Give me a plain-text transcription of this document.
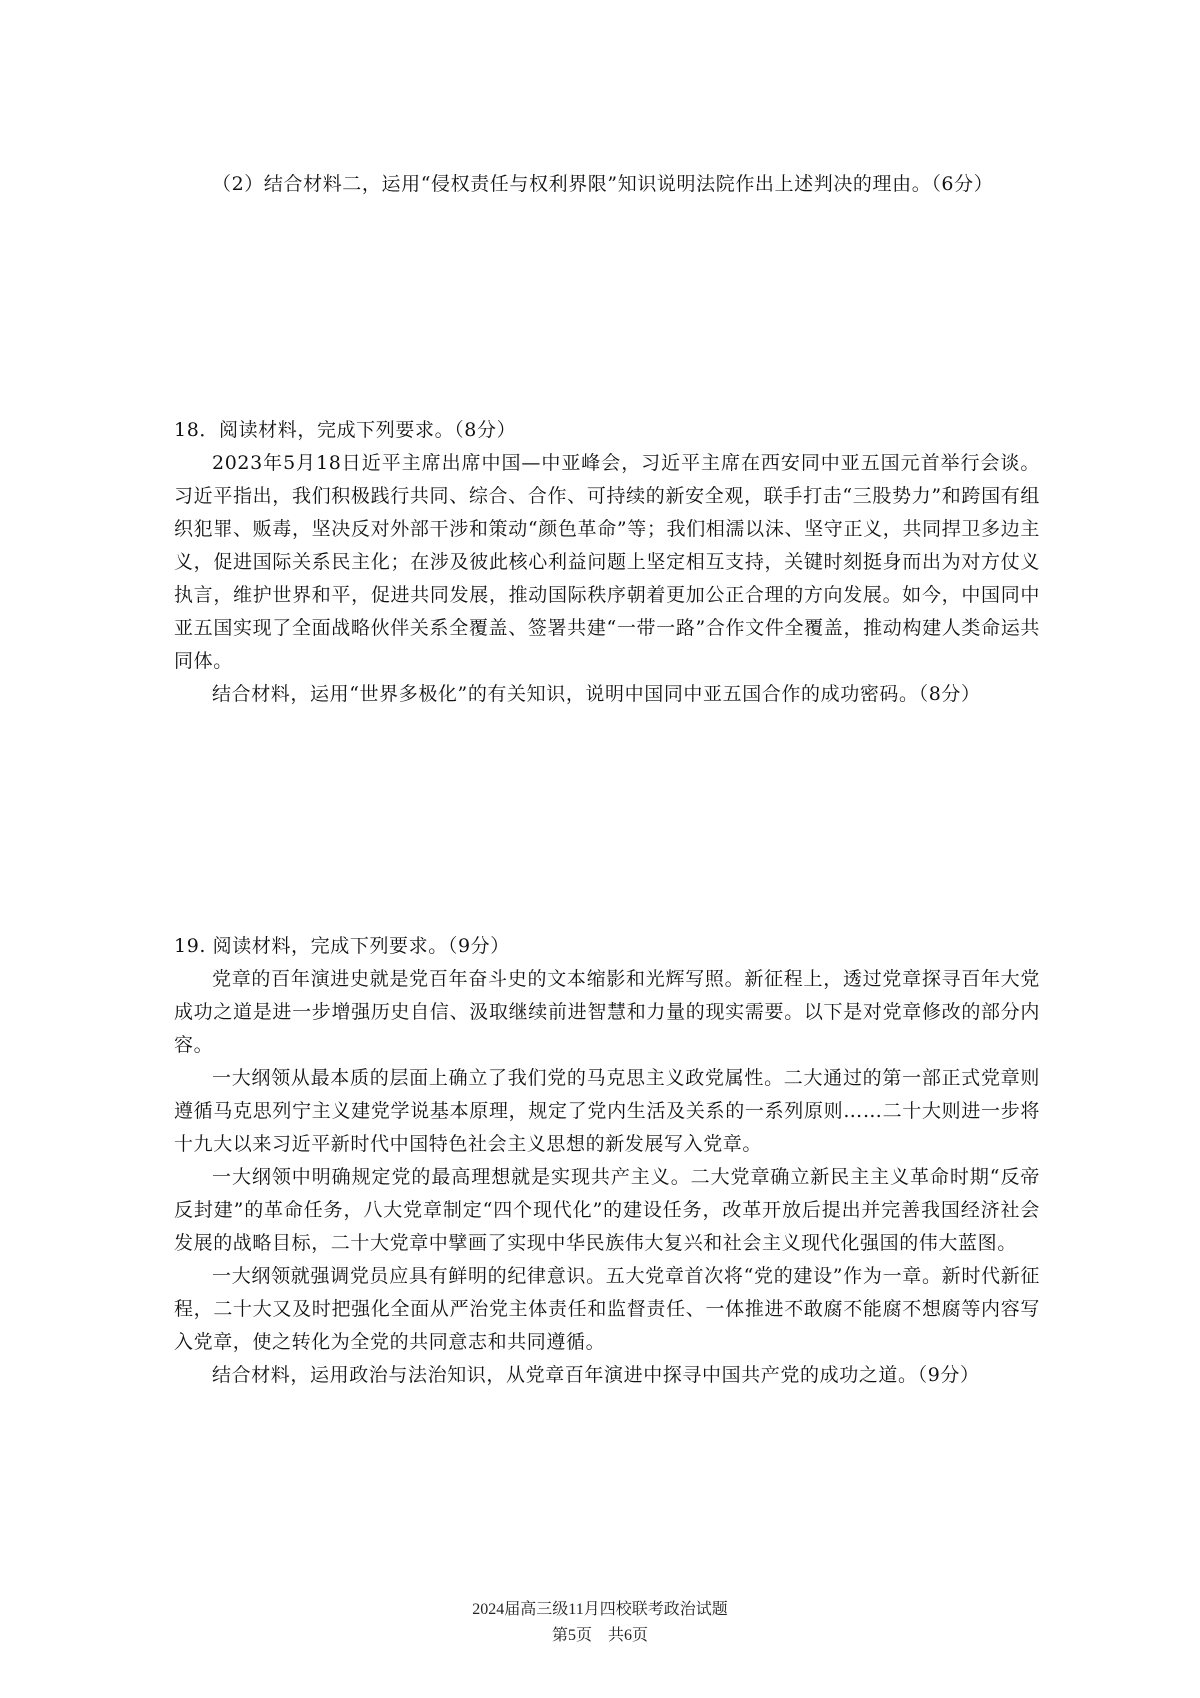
（2）结合材料二，运用“侵权责任与权利界限”知识说明法院作出上述判决的理由。（6分）

18．阅读材料，完成下列要求。（8分）

2023年5月18日近平主席出席中国—中亚峰会，习近平主席在西安同中亚五国元首举行会谈。习近平指出，我们积极践行共同、综合、合作、可持续的新安全观，联手打击“三股势力”和跨国有组织犯罪、贩毒，坚决反对外部干涉和策动“颜色革命”等；我们相濡以沫、坚守正义，共同捍卫多边主义，促进国际关系民主化；在涉及彼此核心利益问题上坚定相互支持，关键时刻挺身而出为对方仗义执言，维护世界和平，促进共同发展，推动国际秩序朝着更加公正合理的方向发展。如今，中国同中亚五国实现了全面战略伙伴关系全覆盖、签署共建“一带一路”合作文件全覆盖，推动构建人类命运共同体。

结合材料，运用“世界多极化”的有关知识，说明中国同中亚五国合作的成功密码。（8分）

19. 阅读材料，完成下列要求。（9分）

党章的百年演进史就是党百年奋斗史的文本缩影和光辉写照。新征程上，透过党章探寻百年大党成功之道是进一步增强历史自信、汲取继续前进智慧和力量的现实需要。以下是对党章修改的部分内容。

一大纲领从最本质的层面上确立了我们党的马克思主义政党属性。二大通过的第一部正式党章则遵循马克思列宁主义建党学说基本原理，规定了党内生活及关系的一系列原则……二十大则进一步将十九大以来习近平新时代中国特色社会主义思想的新发展写入党章。

一大纲领中明确规定党的最高理想就是实现共产主义。二大党章确立新民主主义革命时期“反帝反封建”的革命任务，八大党章制定“四个现代化”的建设任务，改革开放后提出并完善我国经济社会发展的战略目标，二十大党章中擘画了实现中华民族伟大复兴和社会主义现代化强国的伟大蓝图。

一大纲领就强调党员应具有鲜明的纪律意识。五大党章首次将“党的建设”作为一章。新时代新征程，二十大又及时把强化全面从严治党主体责任和监督责任、一体推进不敢腐不能腐不想腐等内容写入党章，使之转化为全党的共同意志和共同遵循。

结合材料，运用政治与法治知识，从党章百年演进中探寻中国共产党的成功之道。（9分）

2024届高三级11月四校联考政治试题
第5页　共6页
